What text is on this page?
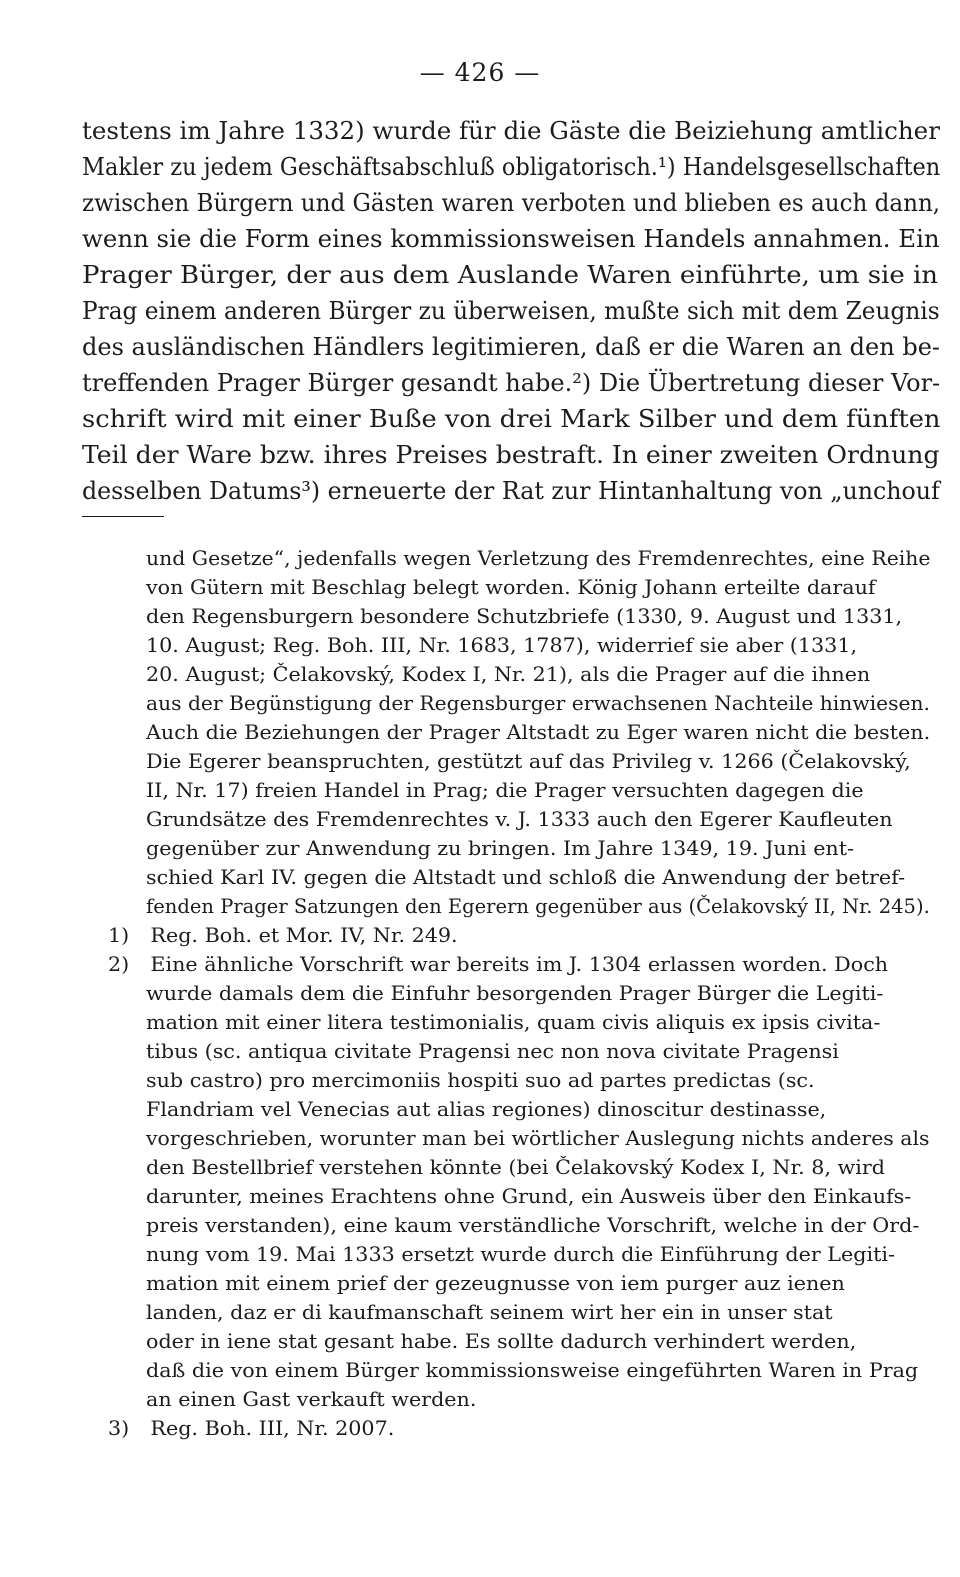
— 426 —
testens im Jahre 1332) wurde für die Gäste die Beiziehung amtlicher
Makler zu jedem Geschäftsabschluß obligatorisch.¹) Handelsgesellschaften
zwischen Bürgern und Gästen waren verboten und blieben es auch dann,
wenn sie die Form eines kommissionsweisen Handels annahmen. Ein
Prager Bürger, der aus dem Auslande Waren einführte, um sie in
Prag einem anderen Bürger zu überweisen, mußte sich mit dem Zeugnis
des ausländischen Händlers legitimieren, daß er die Waren an den be-
treffenden Prager Bürger gesandt habe.²) Die Übertretung dieser Vor-
schrift wird mit einer Buße von drei Mark Silber und dem fünften
Teil der Ware bzw. ihres Preises bestraft. In einer zweiten Ordnung
desselben Datums³) erneuerte der Rat zur Hintanhaltung von „unchouf
und Gesetze“, jedenfalls wegen Verletzung des Fremdenrechtes, eine Reihe
von Gütern mit Beschlag belegt worden. König Johann erteilte darauf
den Regensburgern besondere Schutzbriefe (1330, 9. August und 1331,
10. August; Reg. Boh. III, Nr. 1683, 1787), widerrief sie aber (1331,
20. August; Čelakovský, Kodex I, Nr. 21), als die Prager auf die ihnen
aus der Begünstigung der Regensburger erwachsenen Nachteile hinwiesen.
Auch die Beziehungen der Prager Altstadt zu Eger waren nicht die besten.
Die Egerer beanspruchten, gestützt auf das Privileg v. 1266 (Čelakovský,
II, Nr. 17) freien Handel in Prag; die Prager versuchten dagegen die
Grundsätze des Fremdenrechtes v. J. 1333 auch den Egerer Kaufleuten
gegenüber zur Anwendung zu bringen. Im Jahre 1349, 19. Juni ent-
schied Karl IV. gegen die Altstadt und schloß die Anwendung der betref-
fenden Prager Satzungen den Egerern gegenüber aus (Čelakovský II, Nr. 245).
1) Reg. Boh. et Mor. IV, Nr. 249.
2) Eine ähnliche Vorschrift war bereits im J. 1304 erlassen worden. Doch
wurde damals dem die Einfuhr besorgenden Prager Bürger die Legiti-
mation mit einer litera testimonialis, quam civis aliquis ex ipsis civita-
tibus (sc. antiqua civitate Pragensi nec non nova civitate Pragensi
sub castro) pro mercimoniis hospiti suo ad partes predictas (sc.
Flandriam vel Venecias aut alias regiones) dinoscitur destinasse,
vorgeschrieben, worunter man bei wörtlicher Auslegung nichts anderes als
den Bestellbrief verstehen könnte (bei Čelakovský Kodex I, Nr. 8, wird
darunter, meines Erachtens ohne Grund, ein Ausweis über den Einkaufs-
preis verstanden), eine kaum verständliche Vorschrift, welche in der Ord-
nung vom 19. Mai 1333 ersetzt wurde durch die Einführung der Legiti-
mation mit einem prief der gezeugnusse von iem purger auz ienen
landen, daz er di kaufmanschaft seinem wirt her ein in unser stat
oder in iene stat gesant habe. Es sollte dadurch verhindert werden,
daß die von einem Bürger kommissionsweise eingeführten Waren in Prag
an einen Gast verkauft werden.
3) Reg. Boh. III, Nr. 2007.
